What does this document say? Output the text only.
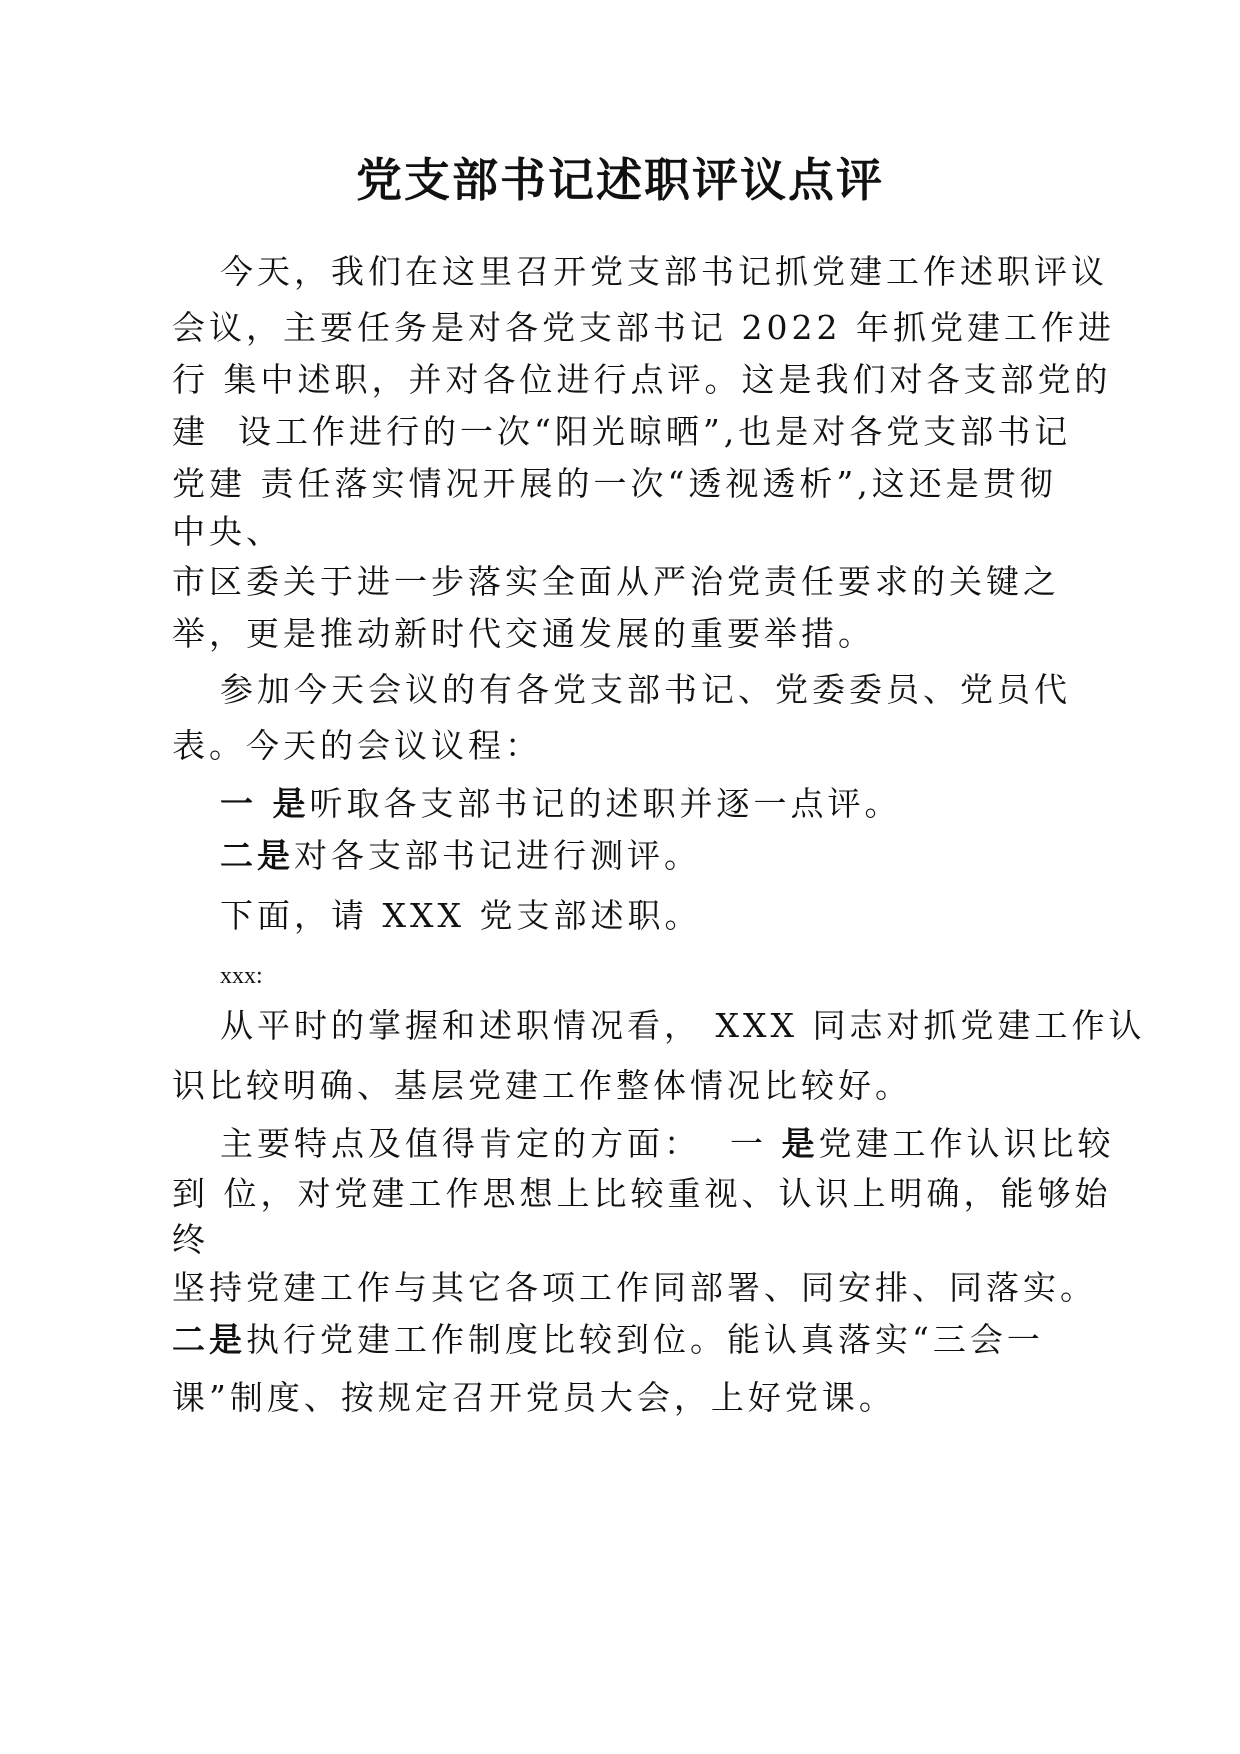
党支部书记述职评议点评
今天，我们在这里召开党支部书记抓党建工作述职评议
会议，主要任务是对各党支部书记 2022 年抓党建工作进
行 集中述职，并对各位进行点评。这是我们对各支部党的
建  设工作进行的一次“阳光晾晒”,也是对各党支部书记
党建 责任落实情况开展的一次“透视透析”,这还是贯彻
中央、
市区委关于进一步落实全面从严治党责任要求的关键之
举，更是推动新时代交通发展的重要举措。
参加今天会议的有各党支部书记、党委委员、党员代
表。今天的会议议程：
一 是听取各支部书记的述职并逐一点评。
二是对各支部书记进行测评。
下面，请 XXX 党支部述职。
xxx:
从平时的掌握和述职情况看， XXX 同志对抓党建工作认
识比较明确、基层党建工作整体情况比较好。
主要特点及值得肯定的方面：  一 是党建工作认识比较
到 位，对党建工作思想上比较重视、认识上明确，能够始
终
坚持党建工作与其它各项工作同部署、同安排、同落实。
二是执行党建工作制度比较到位。能认真落实“三会一
课”制度、按规定召开党员大会，上好党课。
